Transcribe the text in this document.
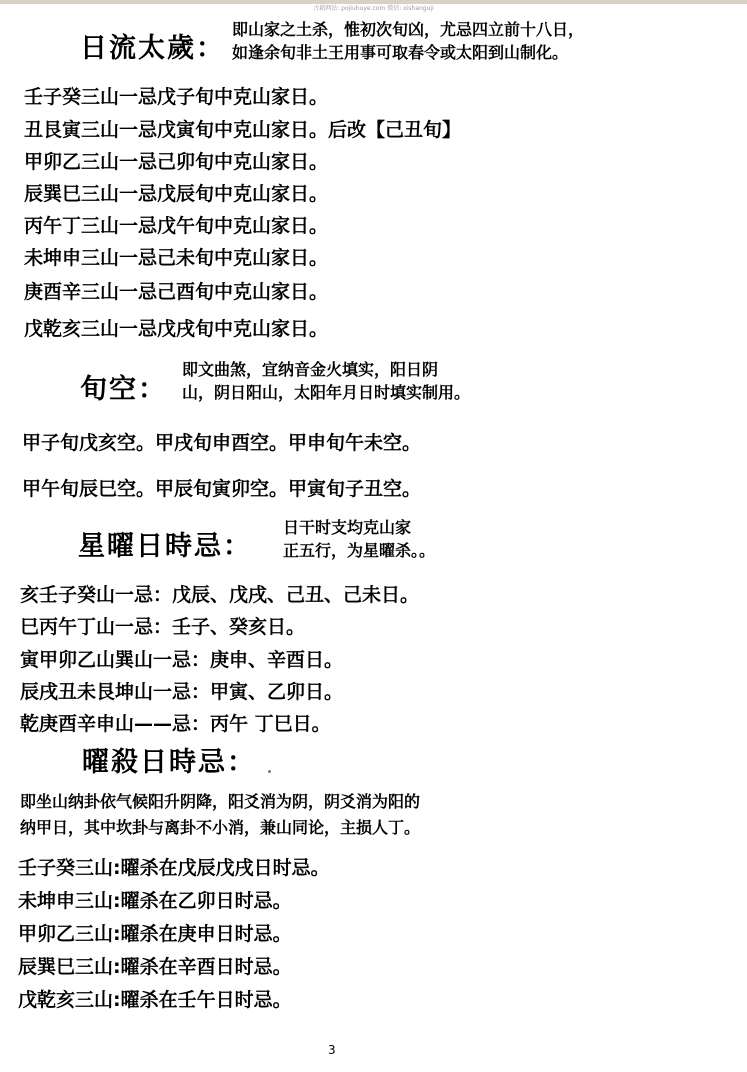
古籍网站: pojiuhuye.com 微信: xishanguji
日流太歲：
即山家之土杀，惟初次旬凶，尤忌四立前十八日，
如逢余旬非土王用事可取春令或太阳到山制化。
壬子癸三山一忌戊子旬中克山家日。
丑艮寅三山一忌戊寅旬中克山家日。后改【己丑旬】
甲卯乙三山一忌己卯旬中克山家日。
辰巽巳三山一忌戊辰旬中克山家日。
丙午丁三山一忌戊午旬中克山家日。
未坤申三山一忌己未旬中克山家日。
庚酉辛三山一忌己酉旬中克山家日。
戊乾亥三山一忌戊戌旬中克山家日。
旬空：
即文曲煞，宜纳音金火填实，阳日阴
山，阴日阳山，太阳年月日时填实制用。
甲子旬戊亥空。甲戌旬申酉空。甲申旬午未空。
甲午旬辰巳空。甲辰旬寅卯空。甲寅旬子丑空。
星曜日時忌：
日干时支均克山家
正五行，为星曜杀。。
亥壬子癸山一忌：戊辰、戊戌、己丑、己未日。
巳丙午丁山一忌：壬子、癸亥日。
寅甲卯乙山巽山一忌：庚申、辛酉日。
辰戌丑未艮坤山一忌：甲寅、乙卯日。
乾庚酉辛申山——忌：丙午 丁巳日。
曜殺日時忌：
即坐山纳卦依气候阳升阴降，阳爻消为阴，阴爻消为阳的
纳甲日，其中坎卦与离卦不小消，兼山同论，主损人丁。
壬子癸三山:曜杀在戊辰戊戌日时忌。
未坤申三山:曜杀在乙卯日时忌。
甲卯乙三山:曜杀在庚申日时忌。
辰巽巳三山:曜杀在辛酉日时忌。
戊乾亥三山:曜杀在壬午日时忌。
3
